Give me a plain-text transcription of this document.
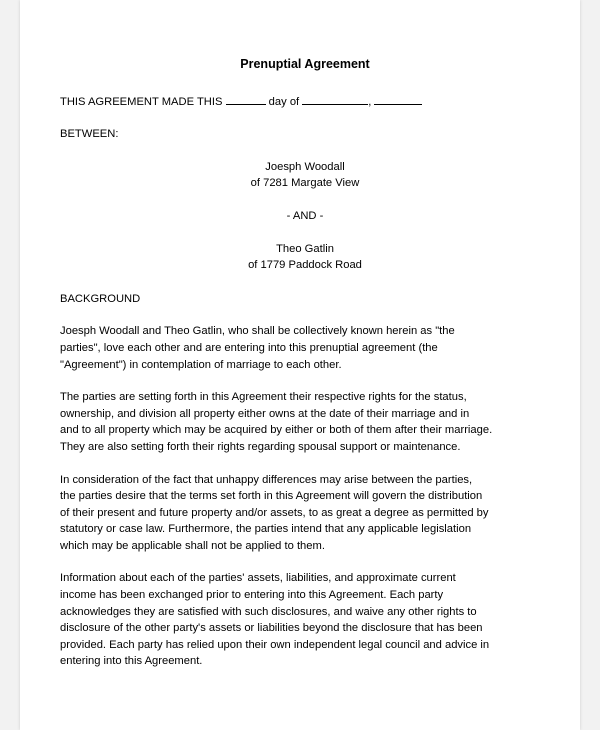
Prenuptial Agreement

THIS AGREEMENT MADE THIS	day of	,

BETWEEN:

Joesph Woodall

of 7281 Margate View

- AND -

Theo Gatlin

of 1779 Paddock Road

BACKGROUND

Joesph Woodall and Theo Gatlin, who shall be collectively known herein as "the

parties", love each other and are entering into this prenuptial agreement (the

"Agreement") in contemplation of marriage to each other.

The parties are setting forth in this Agreement their respective rights for the status,

ownership, and division all property either owns at the date of their marriage and in

and to all property which may be acquired by either or both of them after their marriage.

They are also setting forth their rights regarding spousal support or maintenance.

In consideration of the fact that unhappy differences may arise between the parties,

the parties desire that the terms set forth in this Agreement will govern the distribution

of their present and future property and/or assets, to as great a degree as permitted by

statutory or case law. Furthermore, the parties intend that any applicable legislation

which may be applicable shall not be applied to them.

Information about each of the parties' assets, liabilities, and approximate current

income has been exchanged prior to entering into this Agreement. Each party

acknowledges they are satisfied with such disclosures, and waive any other rights to

disclosure of the other party's assets or liabilities beyond the disclosure that has been

provided. Each party has relied upon their own independent legal council and advice in

entering into this Agreement.
